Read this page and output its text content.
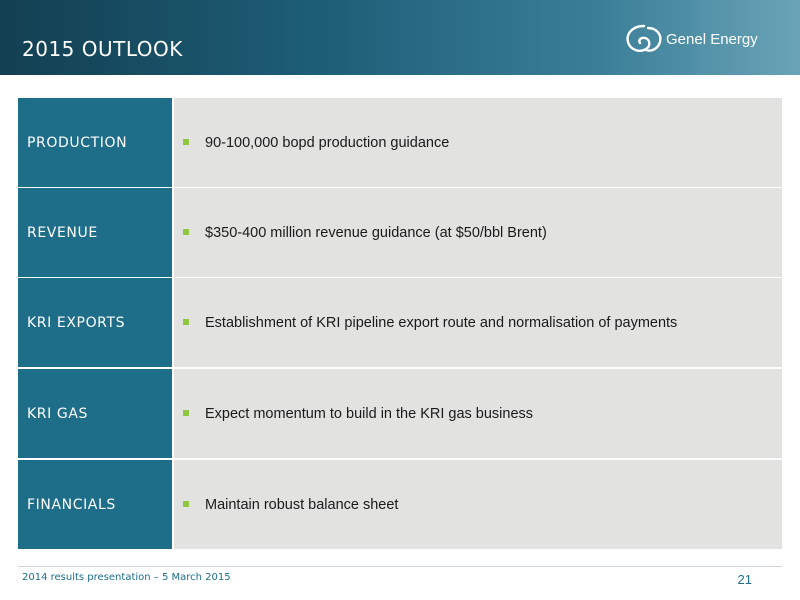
2015 OUTLOOK	Genel Energy
PRODUCTION	90-100,000 bopd production guidance
REVENUE	$350-400 million revenue guidance (at $50/bbl Brent)
KRI EXPORTS	Establishment of KRI pipeline export route and normalisation of payments
KRI GAS	Expect momentum to build in the KRI gas business
FINANCIALS	Maintain robust balance sheet
2014 results presentation – 5 March 2015	21
